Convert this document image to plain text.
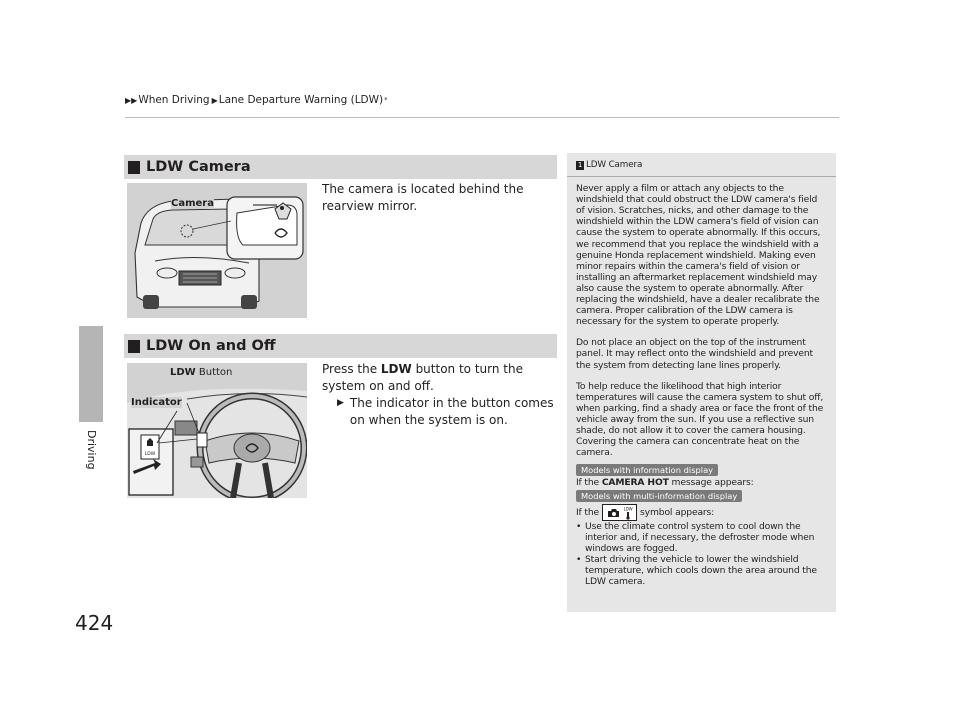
▶▶ When Driving ▶ Lane Departure Warning (LDW) *
Driving
424
LDW Camera
Camera
The camera is located behind the rearview mirror.
LDW On and Off
LDW
LDW Button
Indicator
Press the LDW button to turn the system on and off.
▶ The indicator in the button comes on when the system is on.
1 LDW Camera

Never apply a film or attach any objects to the windshield that could obstruct the LDW camera's field of vision. Scratches, nicks, and other damage to the windshield within the LDW camera's field of vision can cause the system to operate abnormally. If this occurs, we recommend that you replace the windshield with a genuine Honda replacement windshield. Making even minor repairs within the camera's field of vision or installing an aftermarket replacement windshield may also cause the system to operate abnormally. After replacing the windshield, have a dealer recalibrate the camera. Proper calibration of the LDW camera is necessary for the system to operate properly.

Do not place an object on the top of the instrument panel. It may reflect onto the windshield and prevent the system from detecting lane lines properly.

To help reduce the likelihood that high interior temperatures will cause the camera system to shut off, when parking, find a shady area or face the front of the vehicle away from the sun. If you use a reflective sun shade, do not allow it to cover the camera housing. Covering the camera can concentrate heat on the camera.

Models with information display
If the CAMERA HOT message appears:
Models with multi-information display
If the	LDW symbol appears:
• Use the climate control system to cool down the interior and, if necessary, the defroster mode when windows are fogged.
• Start driving the vehicle to lower the windshield temperature, which cools down the area around the LDW camera.
